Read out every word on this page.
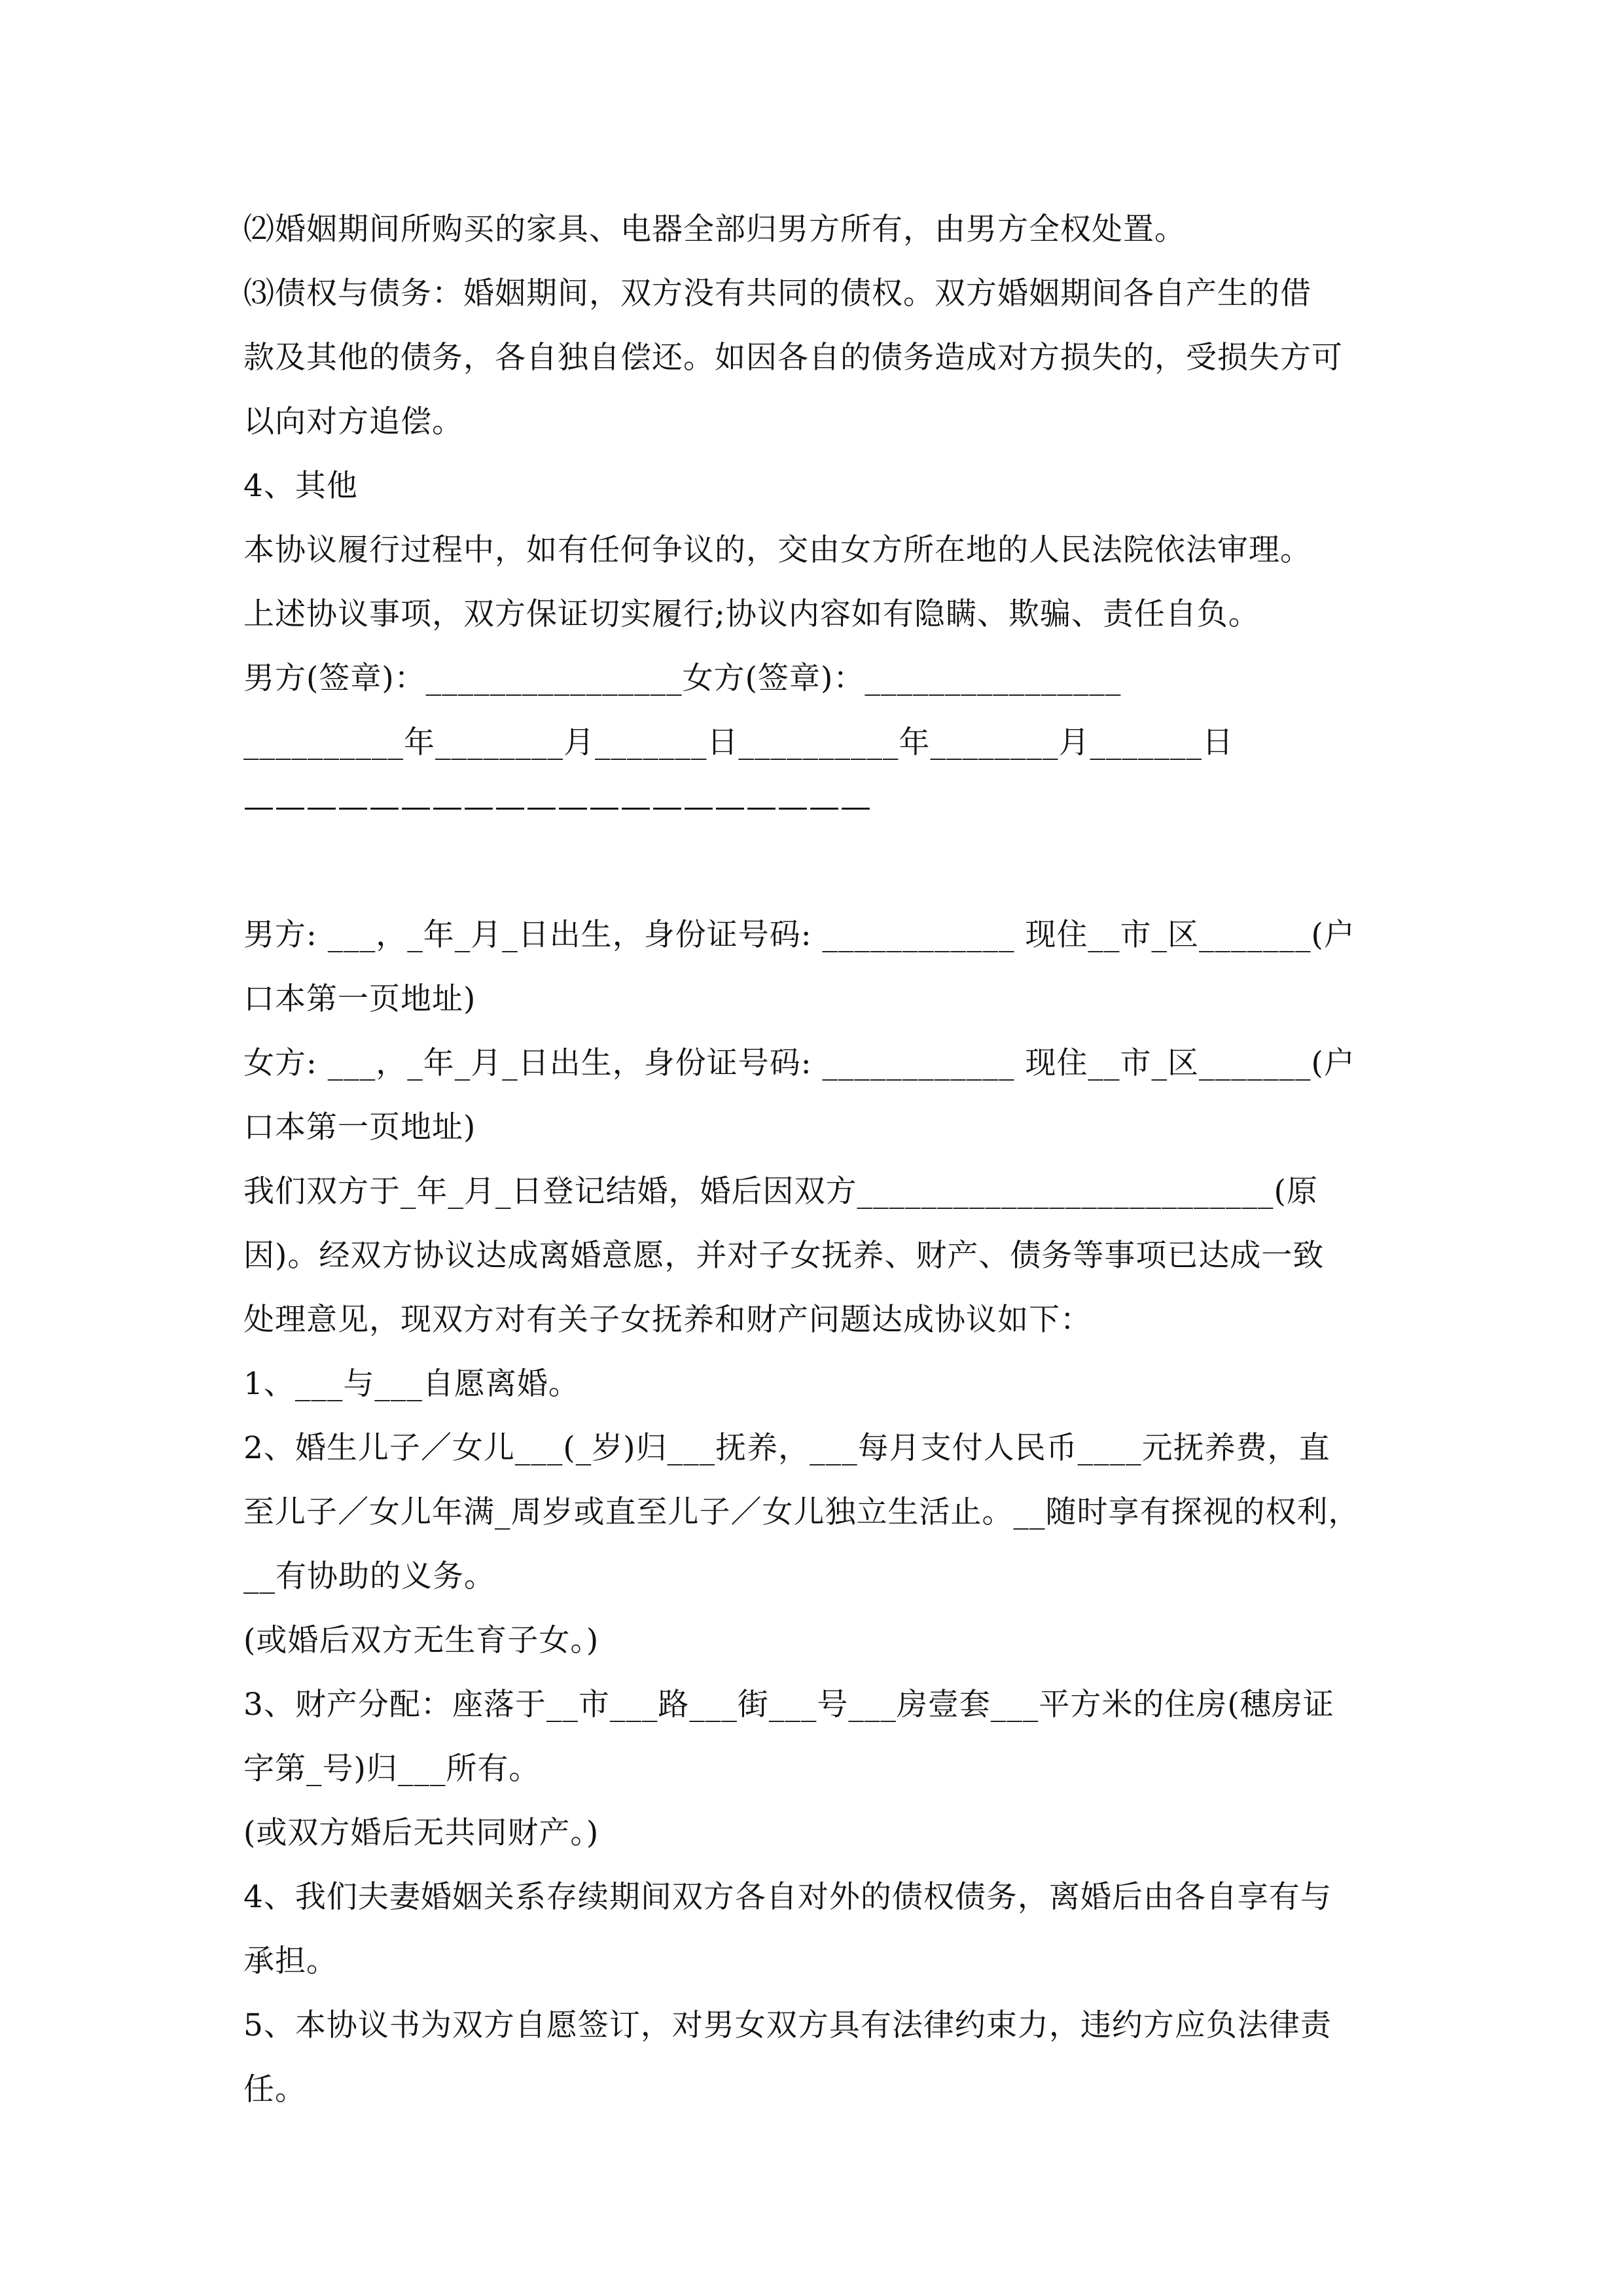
⑵婚姻期间所购买的家具、电器全部归男方所有，由男方全权处置。
⑶债权与债务：婚姻期间，双方没有共同的债权。双方婚姻期间各自产生的借
款及其他的债务，各自独自偿还。如因各自的债务造成对方损失的，受损失方可
以向对方追偿。
4、其他
本协议履行过程中，如有任何争议的，交由女方所在地的人民法院依法审理。
上述协议事项，双方保证切实履行;协议内容如有隐瞒、欺骗、责任自负。
男方(签章)：________________女方(签章)：________________
__________年________月_______日__________年________月_______日
————————————————————
男方: ___，_年_月_日出生，身份证号码: ____________ 现住__市_区_______(户
口本第一页地址)
女方: ___，_年_月_日出生，身份证号码: ____________ 现住__市_区_______(户
口本第一页地址)
我们双方于_年_月_日登记结婚，婚后因双方__________________________(原
因)。经双方协议达成离婚意愿，并对子女抚养、财产、债务等事项已达成一致
处理意见，现双方对有关子女抚养和财产问题达成协议如下：
1、___与___自愿离婚。
2、婚生儿子／女儿___(_岁)归___抚养，___每月支付人民币____元抚养费，直
至儿子／女儿年满_周岁或直至儿子／女儿独立生活止。__随时享有探视的权利，
__有协助的义务。
(或婚后双方无生育子女。)
3、财产分配：座落于__市___路___街___号___房壹套___平方米的住房(穗房证
字第_号)归___所有。
(或双方婚后无共同财产。)
4、我们夫妻婚姻关系存续期间双方各自对外的债权债务，离婚后由各自享有与
承担。
5、本协议书为双方自愿签订，对男女双方具有法律约束力，违约方应负法律责
任。
